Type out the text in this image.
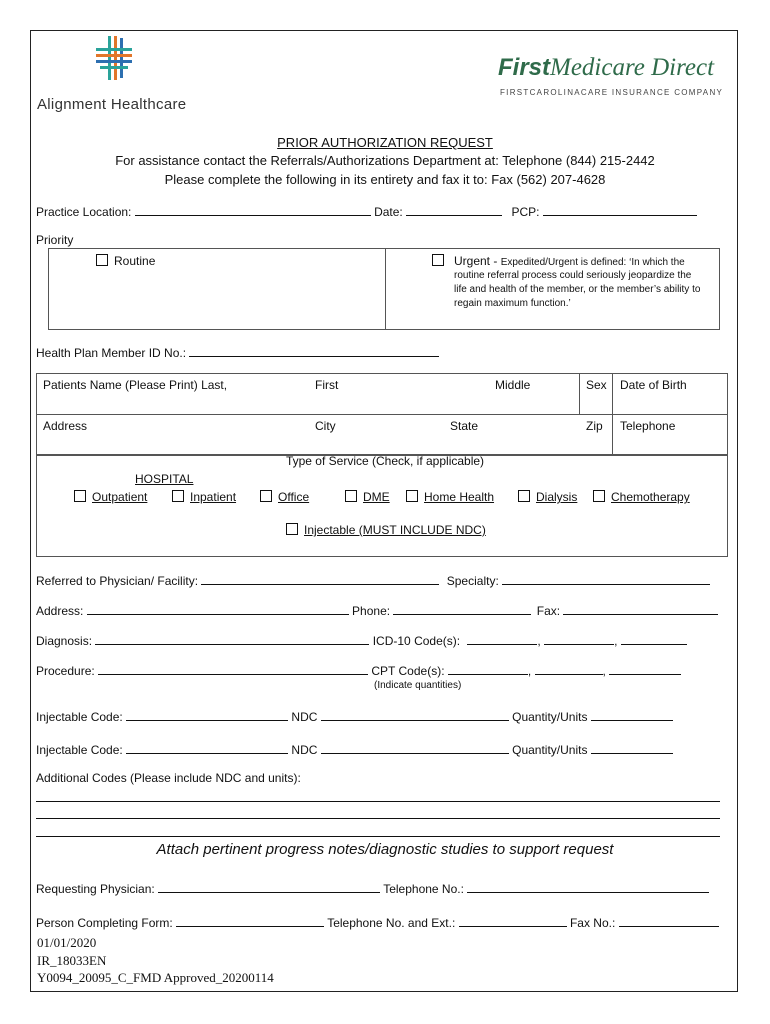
Alignment Healthcare
FirstMedicare Direct
FIRSTCAROLINACARE INSURANCE COMPANY
PRIOR AUTHORIZATION REQUEST
For assistance contact the Referrals/Authorizations Department at: Telephone (844) 215-2442
Please complete the following in its entirety and fax it to: Fax (562) 207-4628
Practice Location:	Date:	PCP:
Priority
Routine	Urgent - Expedited/Urgent is defined: ‘In which the
routine referral process could seriously jeopardize the
life and health of the member, or the member’s ability to
regain maximum function.’
Health Plan Member ID No.:
Patients Name (Please Print) Last,	First	Middle	Sex Date of Birth
Address	City	State	Zip Telephone
Type of Service (Check, if applicable)
HOSPITAL
Outpatient	Inpatient	Office	DME	Home Health	Dialysis	Chemotherapy
Injectable (MUST INCLUDE NDC)
Referred to Physician/ Facility:	Specialty:
Address:	Phone:	Fax:
Diagnosis:	ICD-10 Code(s):	,	,
Procedure:	CPT Code(s):	,	,
(Indicate quantities)
Injectable Code:	NDC	Quantity/Units
Injectable Code:	NDC	Quantity/Units
Additional Codes (Please include NDC and units):
Attach pertinent progress notes/diagnostic studies to support request
Requesting Physician:	Telephone No.:
Person Completing Form:	Telephone No. and Ext.:	Fax No.:
01/01/2020
IR_18033EN
Y0094_20095_C_FMD Approved_20200114
